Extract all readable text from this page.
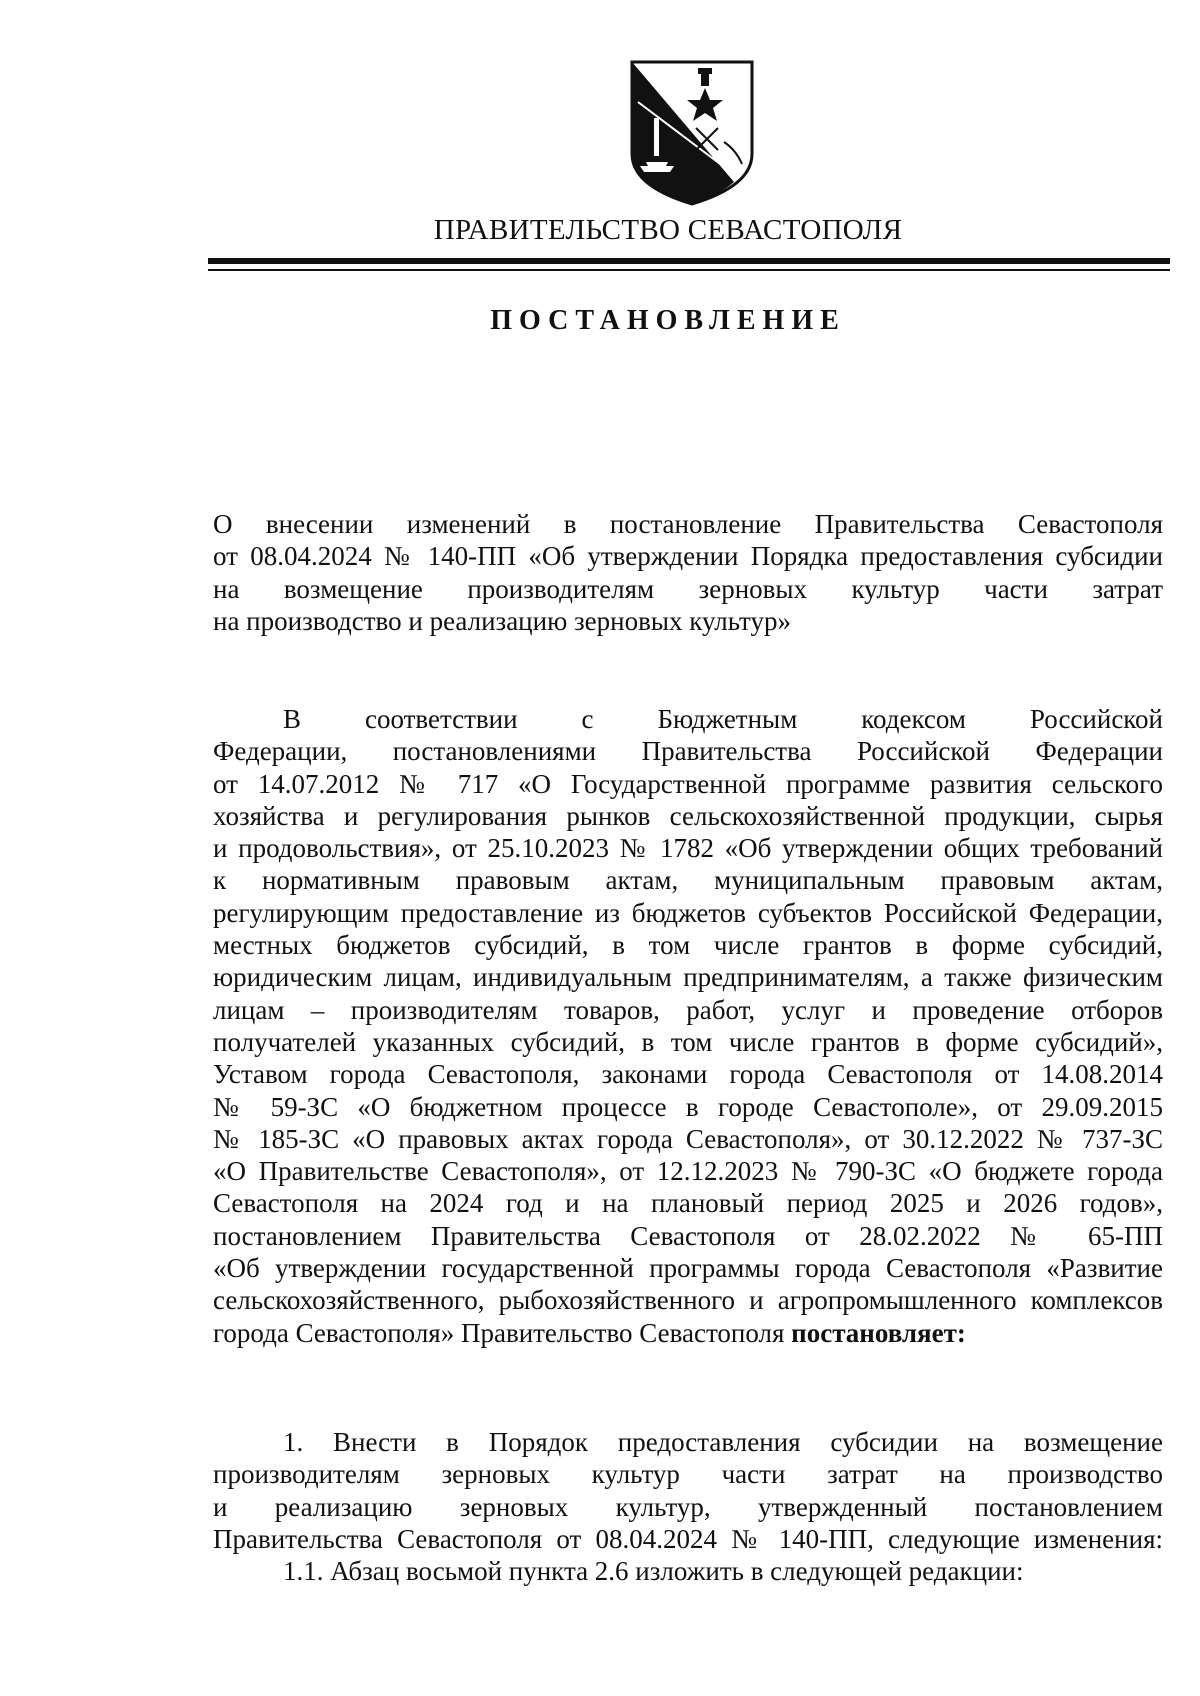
ПРАВИТЕЛЬСТВО СЕВАСТОПОЛЯ
ПОСТАНОВЛЕНИЕ
О внесении изменений в постановление Правительства Севастополя
от 08.04.2024 № 140-ПП «Об утверждении Порядка предоставления субсидии
на возмещение производителям зерновых культур части затрат
на производство и реализацию зерновых культур»
В соответствии с Бюджетным кодексом Российской
Федерации, постановлениями Правительства Российской Федерации
от 14.07.2012 № 717 «О Государственной программе развития сельского
хозяйства и регулирования рынков сельскохозяйственной продукции, сырья
и продовольствия», от 25.10.2023 № 1782 «Об утверждении общих требований
к нормативным правовым актам, муниципальным правовым актам,
регулирующим предоставление из бюджетов субъектов Российской Федерации,
местных бюджетов субсидий, в том числе грантов в форме субсидий,
юридическим лицам, индивидуальным предпринимателям, а также физическим
лицам – производителям товаров, работ, услуг и проведение отборов
получателей указанных субсидий, в том числе грантов в форме субсидий»,
Уставом города Севастополя, законами города Севастополя от 14.08.2014
№ 59-ЗС «О бюджетном процессе в городе Севастополе», от 29.09.2015
№ 185-ЗС «О правовых актах города Севастополя», от 30.12.2022 № 737-ЗС
«О Правительстве Севастополя», от 12.12.2023 № 790-ЗС «О бюджете города
Севастополя на 2024 год и на плановый период 2025 и 2026 годов»,
постановлением Правительства Севастополя от 28.02.2022 № 65-ПП
«Об утверждении государственной программы города Севастополя «Развитие
сельскохозяйственного, рыбохозяйственного и агропромышленного комплексов
города Севастополя» Правительство Севастополя постановляет:
1. Внести в Порядок предоставления субсидии на возмещение
производителям зерновых культур части затрат на производство
и реализацию зерновых культур, утвержденный постановлением
Правительства Севастополя от 08.04.2024 № 140-ПП, следующие изменения:
1.1. Абзац восьмой пункта 2.6 изложить в следующей редакции:
